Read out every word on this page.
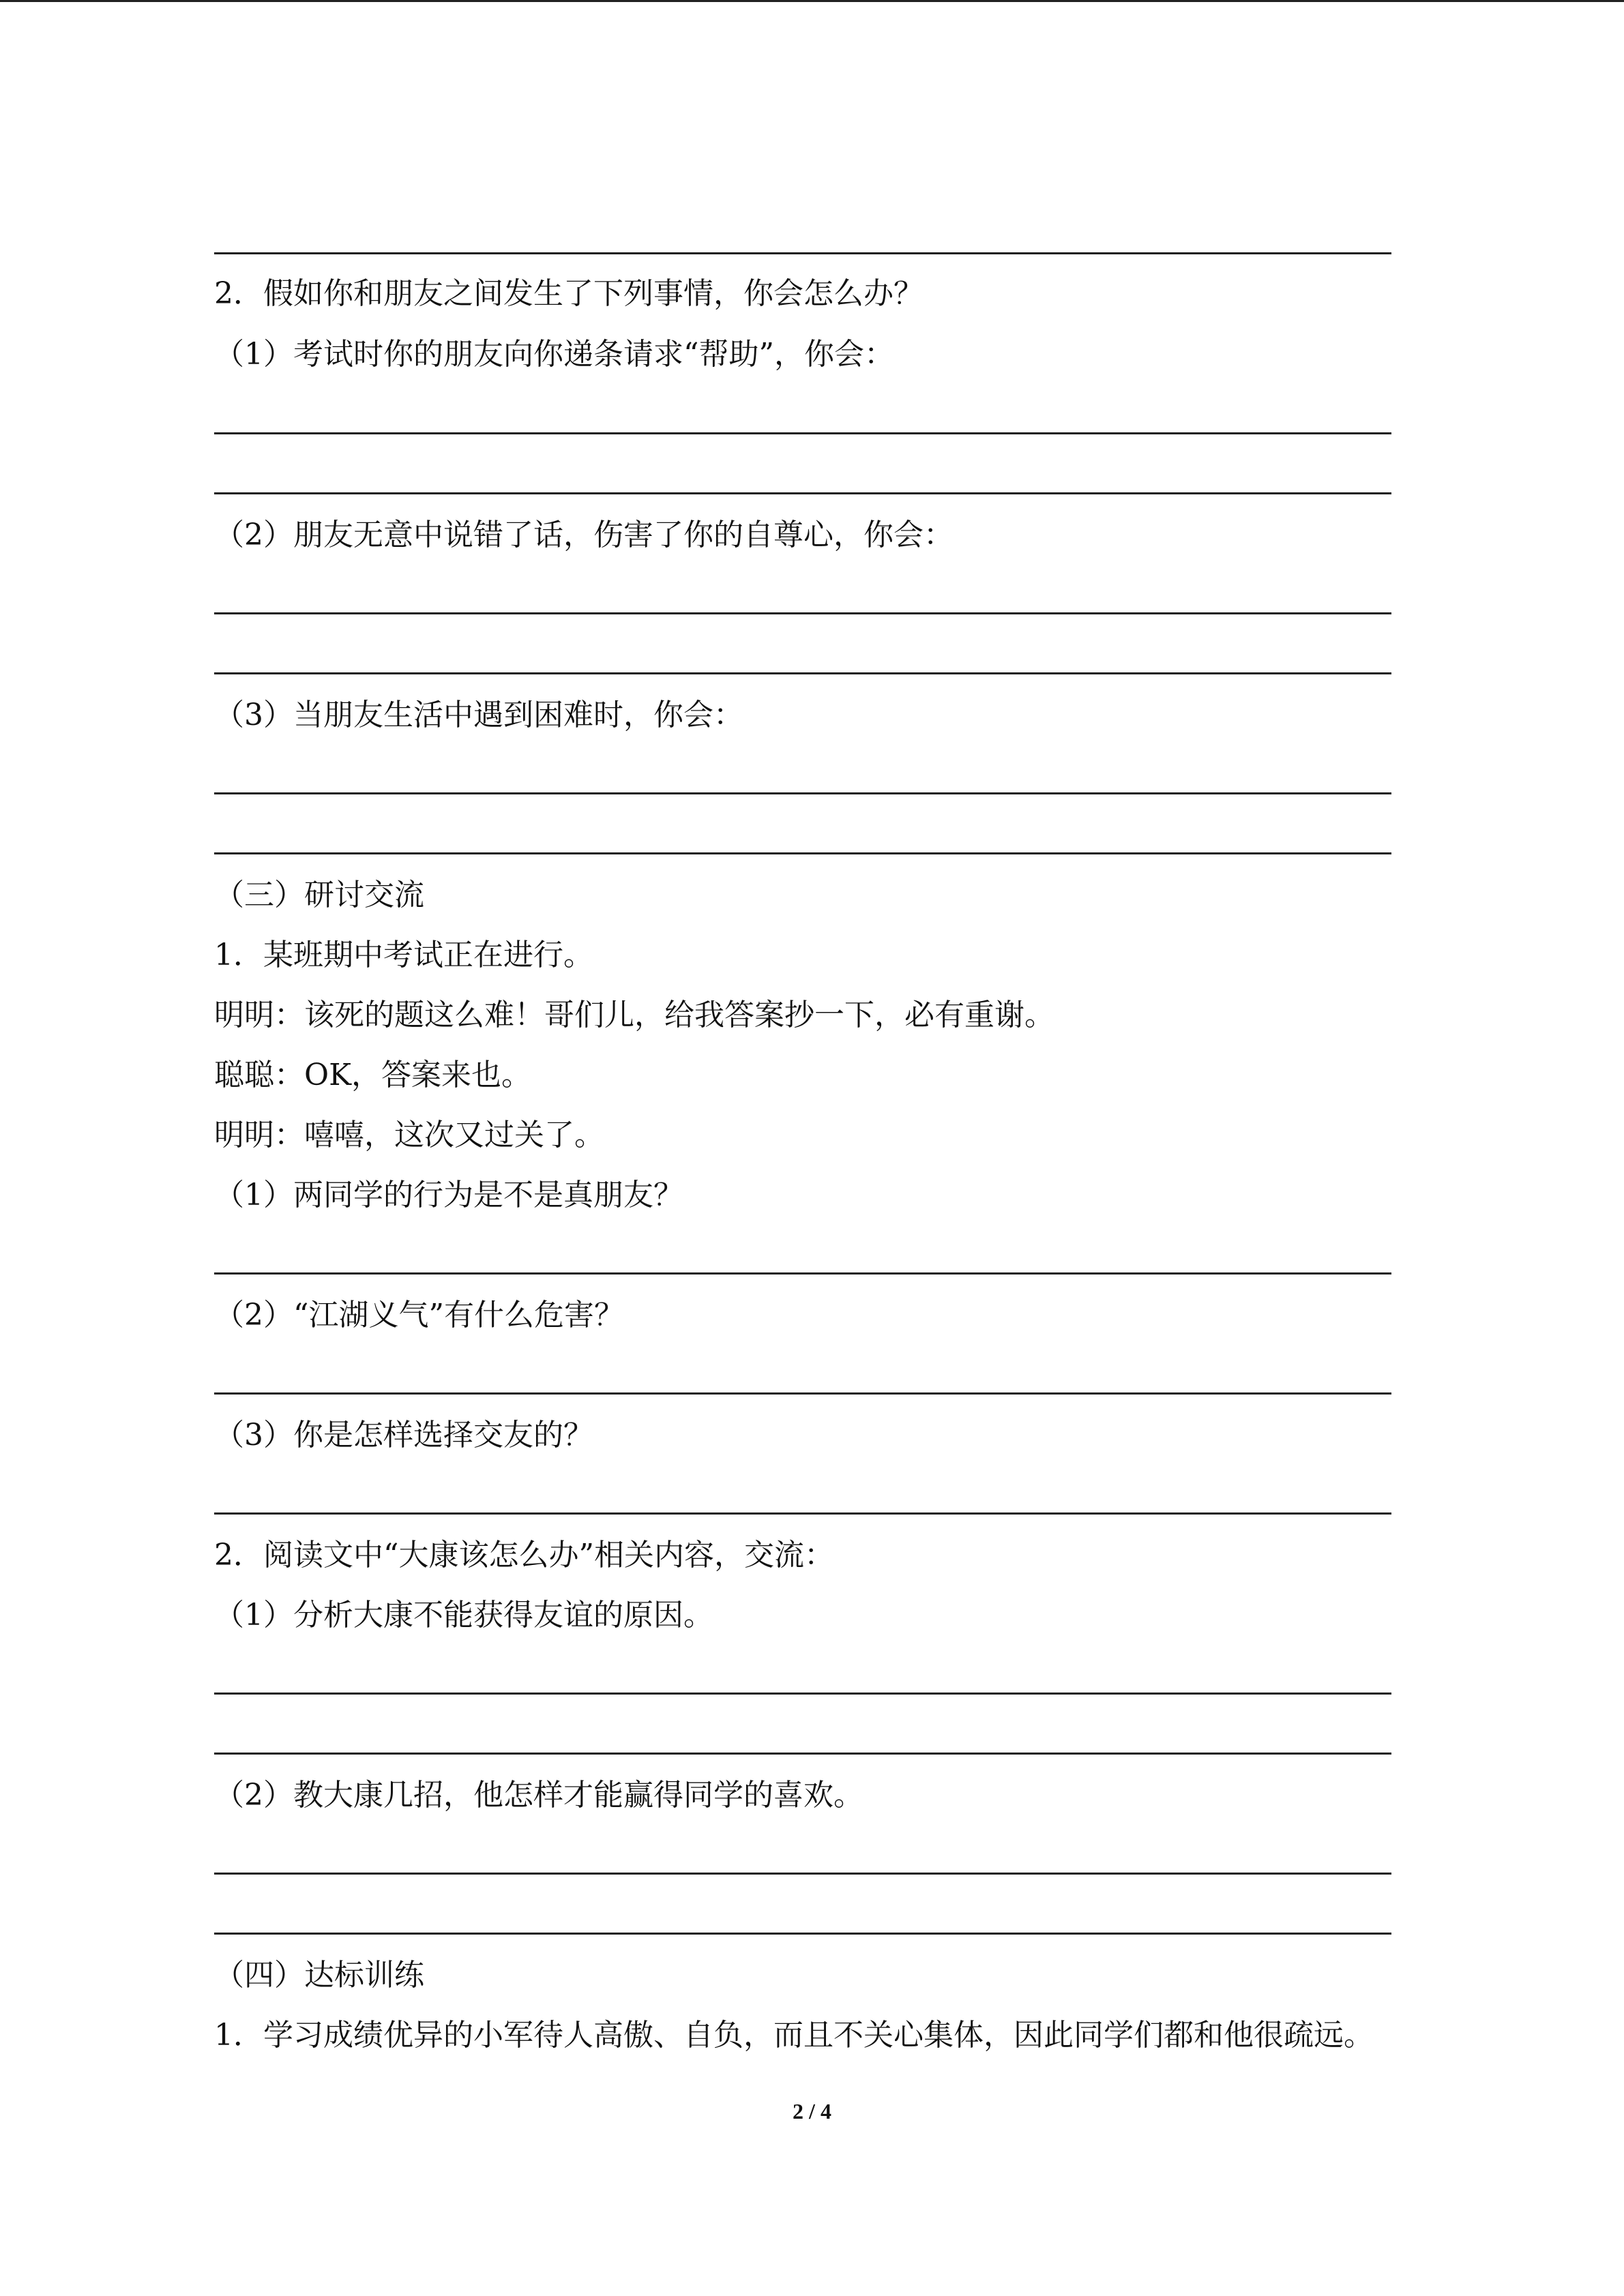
2．假如你和朋友之间发生了下列事情，你会怎么办？
（1）考试时你的朋友向你递条请求“帮助”，你会：
（2）朋友无意中说错了话，伤害了你的自尊心，你会：
（3）当朋友生活中遇到困难时，你会：
（三）研讨交流
1．某班期中考试正在进行。
明明：该死的题这么难！哥们儿，给我答案抄一下，必有重谢。
聪聪：OK，答案来也。
明明：嘻嘻，这次又过关了。
（1）两同学的行为是不是真朋友？
（2）“江湖义气”有什么危害？
（3）你是怎样选择交友的？
2．阅读文中“大康该怎么办”相关内容，交流：
（1）分析大康不能获得友谊的原因。
（2）教大康几招，他怎样才能赢得同学的喜欢。
（四）达标训练
1．学习成绩优异的小军待人高傲、自负，而且不关心集体，因此同学们都和他很疏远。
2 / 4
